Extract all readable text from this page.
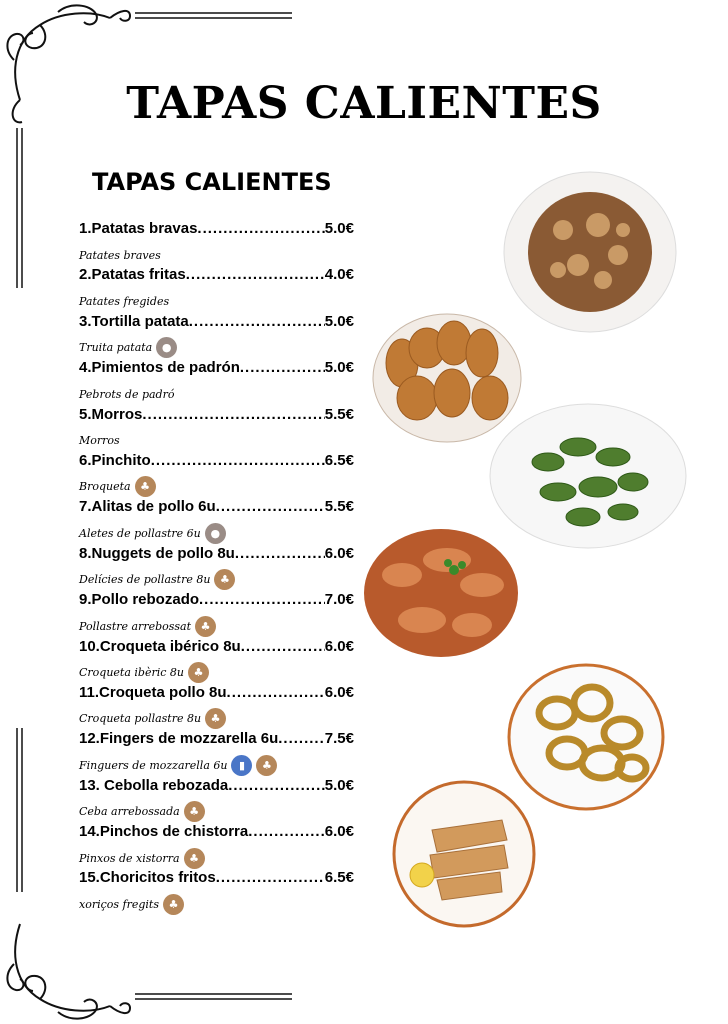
TAPAS CALIENTES
TAPAS CALIENTES
1.Patatas bravas .....	5.0€
Patates braves
2.Patatas fritas .....	4.0€
Patates fregides
3.Tortilla patata .....	5.0€
Truita patata ●
4.Pimientos de padrón .....	5.0€
Pebrots de padró
5.Morros .....	5.5€
Morros
6.Pinchito .....	6.5€
Broqueta ♣
7.Alitas de pollo 6u .....	5.5€
Aletes de pollastre 6u ●
8.Nuggets de pollo 8u .....	6.0€
Delícies de pollastre 8u ♣
9.Pollo rebozado .....	7.0€
Pollastre arrebossat ♣
10.Croqueta ibérico 8u .....	6.0€
Croqueta ibèric 8u ♣
11.Croqueta pollo 8u .....	6.0€
Croqueta pollastre 8u ♣
12.Fingers de mozzarella 6u .....	7.5€
Finguers de mozzarella 6u	▮	♣
13. Cebolla rebozada .....	5.0€
Ceba arrebossada ♣
14.Pinchos de chistorra .....	6.0€
Pinxos de xistorra ♣
15.Choricitos fritos .....	6.5€
xoriços fregits ♣
